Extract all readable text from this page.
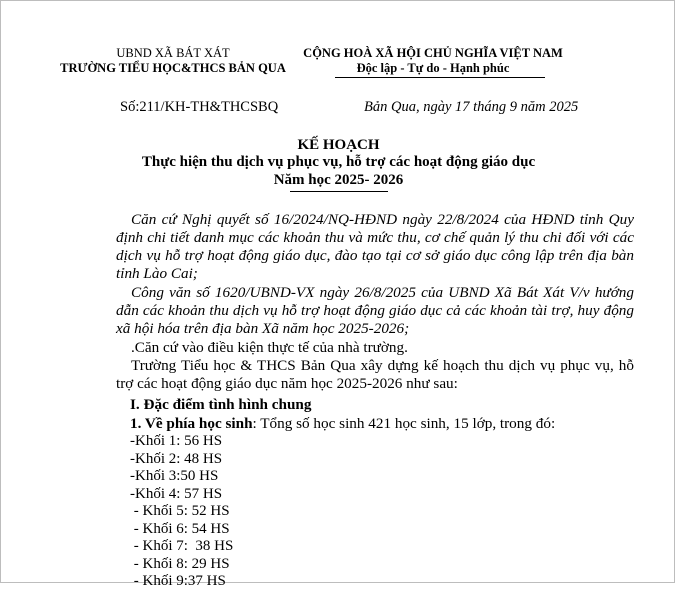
UBND XÃ BÁT XÁT
TRƯỜNG TIỂU HỌC&THCS BẢN QUA
CỘNG HOÀ XÃ HỘI CHỦ NGHĨA VIỆT NAM
Độc lập - Tự do - Hạnh phúc
Số:211/KH-TH&THCSBQ	Bản Qua, ngày 17 tháng 9 năm 2025
KẾ HOẠCH
Thực hiện thu dịch vụ phục vụ, hỗ trợ các hoạt động giáo dục
Năm học 2025- 2026
Căn cứ Nghị quyết số 16/2024/NQ-HĐND ngày 22/8/2024 của HĐND tỉnh Quy định chi tiết danh mục các khoản thu và mức thu, cơ chế quản lý thu chi đối với các dịch vụ hỗ trợ hoạt động giáo dục, đào tạo tại cơ sở giáo dục công lập trên địa bàn tỉnh Lào Cai;
Công văn số 1620/UBND-VX ngày 26/8/2025 của UBND Xã Bát Xát V/v hướng dẫn các khoản thu dịch vụ hỗ trợ hoạt động giáo dục cả các khoản tài trợ, huy động xã hội hóa trên địa bàn Xã năm học 2025-2026;
.Căn cứ vào điều kiện thực tế của nhà trường.
Trường Tiểu học & THCS Bản Qua xây dựng kế hoạch thu dịch vụ phục vụ, hỗ trợ các hoạt động giáo dục năm học 2025-2026 như sau:
I. Đặc điểm tình hình chung
1. Về phía học sinh: Tổng số học sinh 421 học sinh, 15 lớp, trong đó:
-Khối 1: 56 HS
-Khối 2: 48 HS
-Khối 3:50 HS
-Khối 4: 57 HS
- Khối 5: 52 HS
- Khối 6: 54 HS
- Khối 7:  38 HS
- Khối 8: 29 HS
- Khối 9:37 HS
